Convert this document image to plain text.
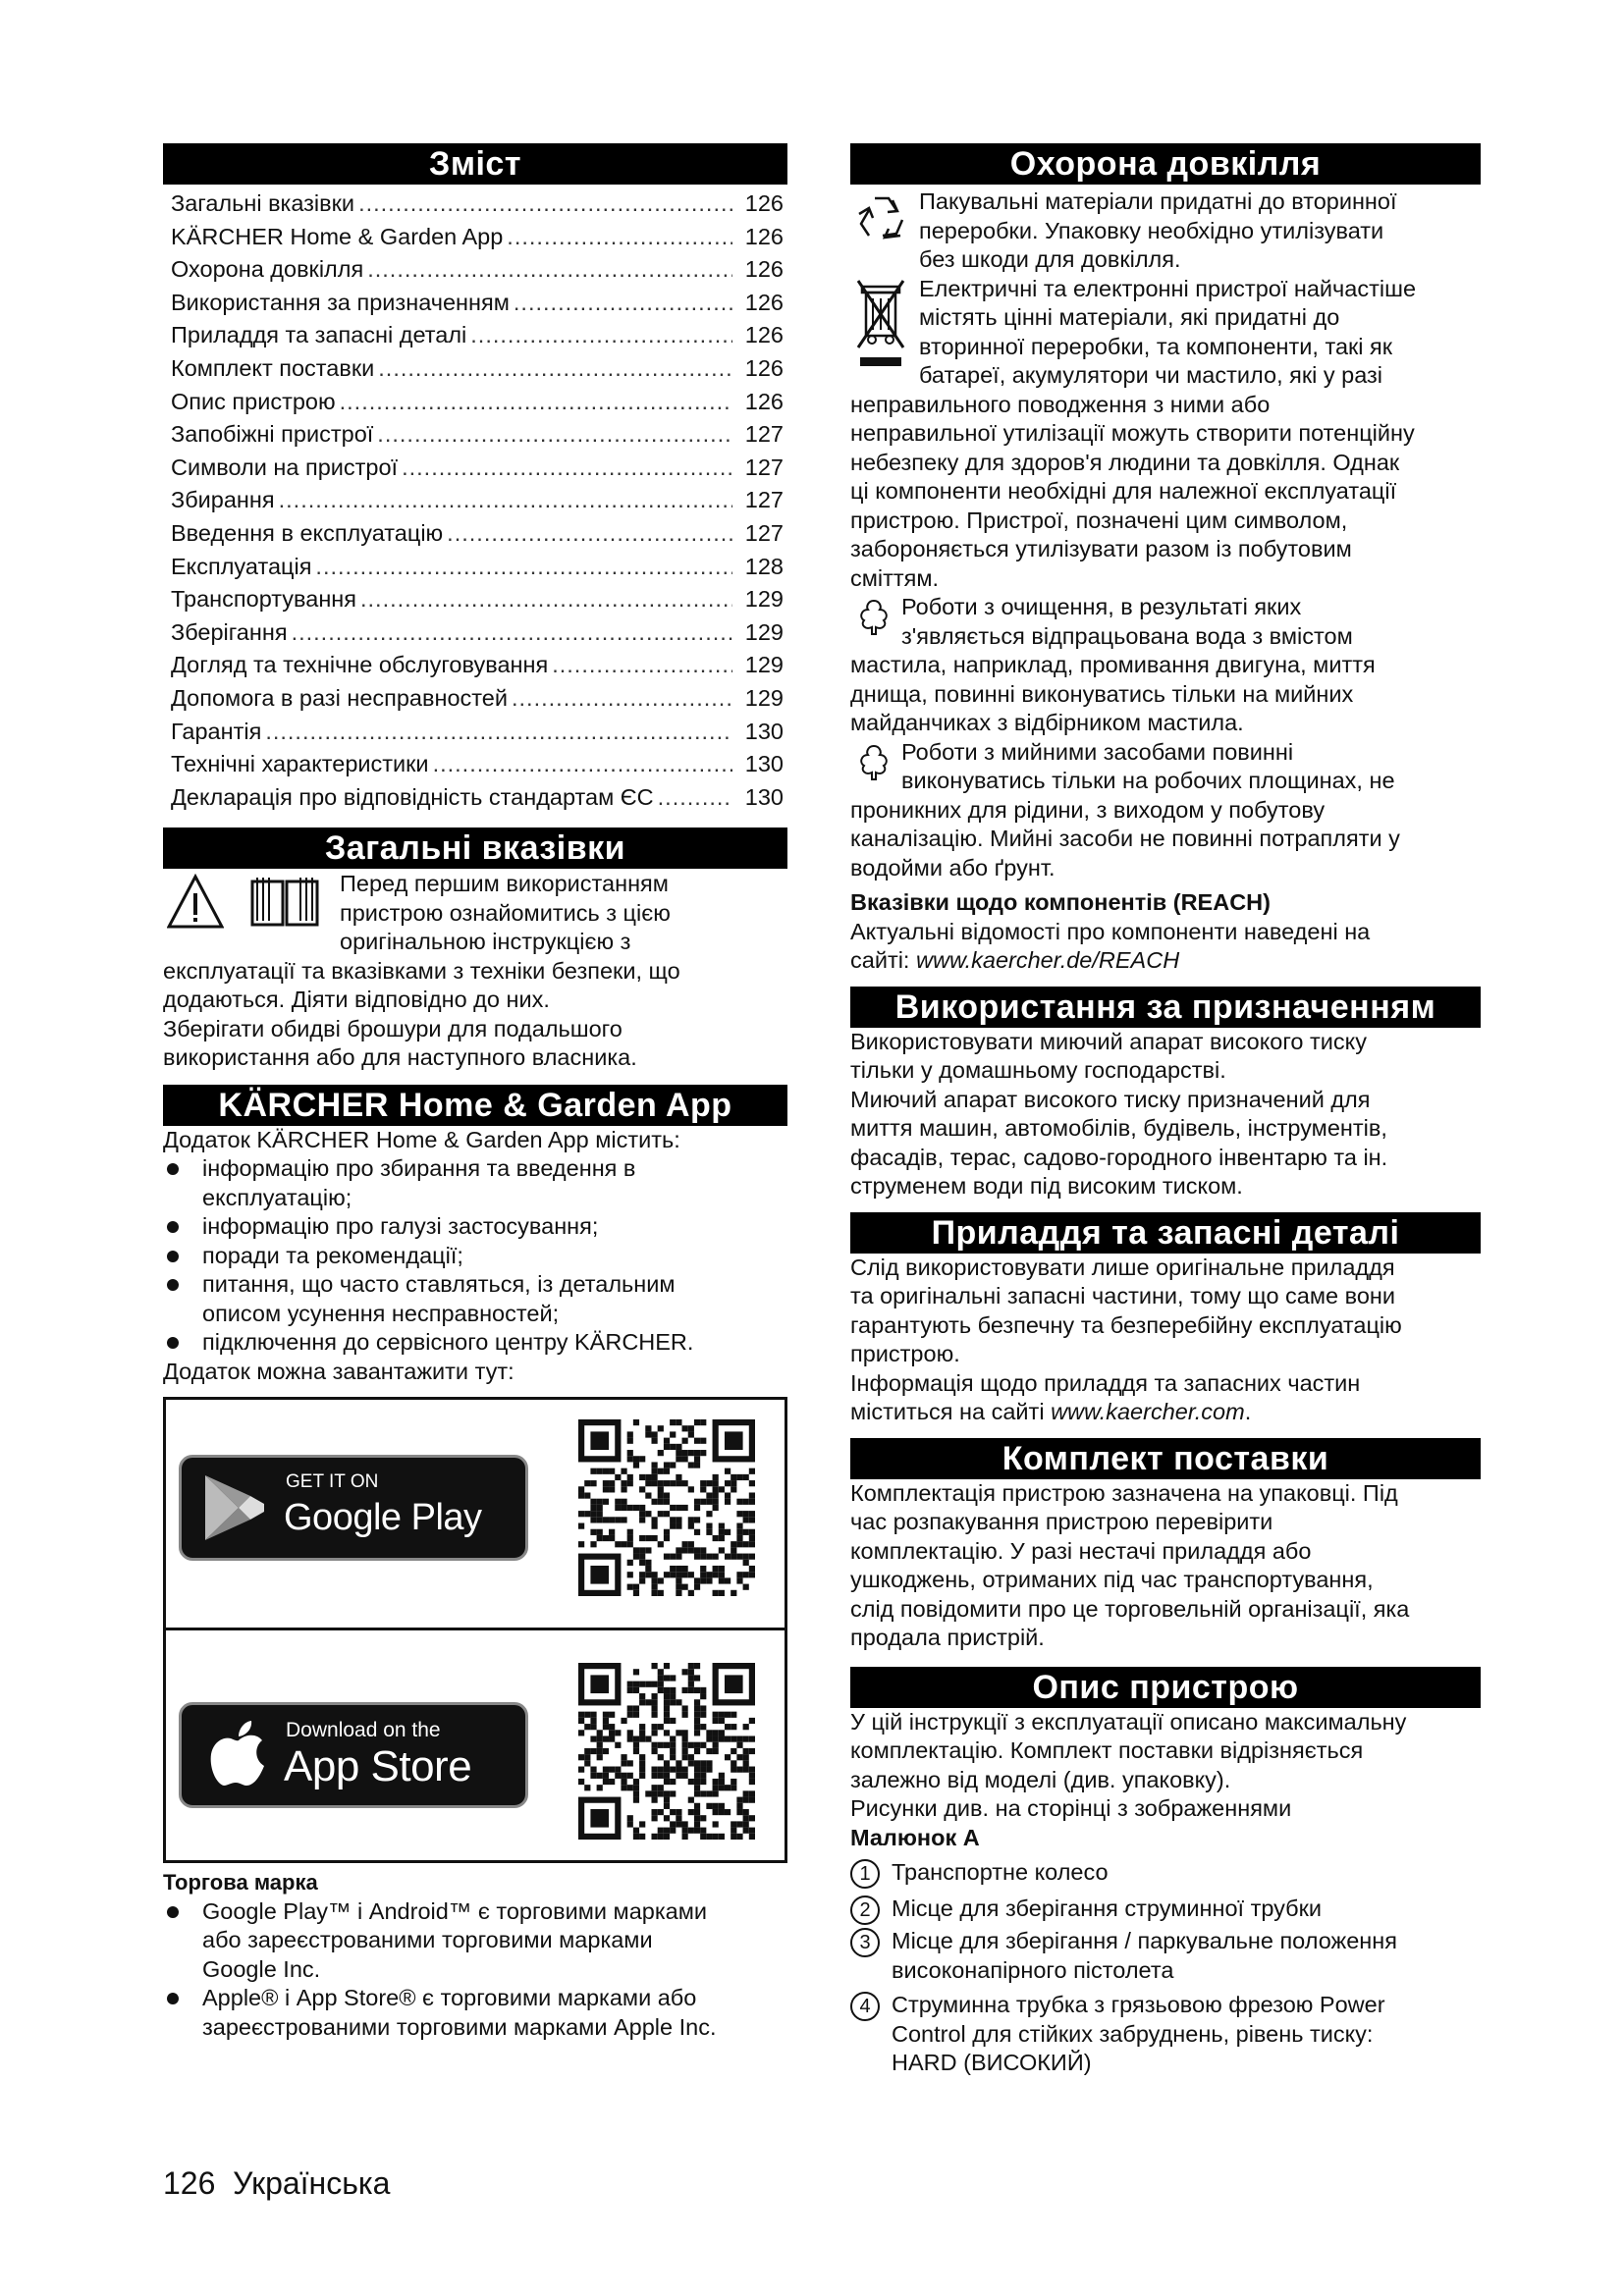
Зміст
Загальні вказівки .....	126
KÄRCHER Home & Garden App .....	126
Охорона довкілля .....	126
Використання за призначенням .....	126
Приладдя та запасні деталі .....	126
Комплект поставки .....	126
Опис пристрою .....	126
Запобіжні пристрої .....	127
Символи на пристрої .....	127
Збирання .....	127
Введення в експлуатацію .....	127
Експлуатація .....	128
Транспортування .....	129
Зберігання .....	129
Догляд та технічне обслуговування .....	129
Допомога в разі несправностей .....	129
Гарантія .....	130
Технічні характеристики .....	130
Декларація про відповідність стандартам ЄС .....	130
Загальні вказівки

Перед першим використанням

пристрою ознайомитись з цією

оригінальною інструкцією з

експлуатації та вказівками з техніки безпеки, що

додаються. Діяти відповідно до них.

Зберігати обидві брошури для подальшого

використання або для наступного власника.

KÄRCHER Home & Garden App

Додаток KÄRCHER Home & Garden App містить:

інформацію про збирання та введення в

експлуатацію;

інформацію про галузі застосування;

поради та рекомендації;

питання, що часто ставляться, із детальним

описом усунення несправностей;

підключення до сервісного центру KÄRCHER.

Додаток можна завантажити тут:

GET IT ON
Google Play
Download on the
App Store

Торгова марка

Google Play™ і Android™ є торговими марками

або зареєстрованими торговими марками

Google Inc.

Apple® і App Store® є торговими марками або

зареєстрованими торговими марками Apple Inc.

126 Українська
Охорона довкілля

Пакувальні матеріали придатні до вторинної

переробки. Упаковку необхідно утилізувати

без шкоди для довкілля.

Електричні та електронні пристрої найчастіше

містять цінні матеріали, які придатні до

вторинної переробки, та компоненти, такі як

батареї, акумулятори чи мастило, які у разі

неправильного поводження з ними або

неправильної утилізації можуть створити потенційну

небезпеку для здоров'я людини та довкілля. Однак

ці компоненти необхідні для належної експлуатації

пристрою. Пристрої, позначені цим символом,

забороняється утилізувати разом із побутовим

сміттям.

Роботи з очищення, в результаті яких

з'являється відпрацьована вода з вмістом

мастила, наприклад, промивання двигуна, миття

днища, повинні виконуватись тільки на мийних

майданчиках з відбірником мастила.

Роботи з мийними засобами повинні

виконуватись тільки на робочих площинах, не

проникних для рідини, з виходом у побутову

каналізацію. Мийні засоби не повинні потрапляти у

водойми або ґрунт.

Вказівки щодо компонентів (REACH)

Актуальні відомості про компоненти наведені на

сайті: www.kaercher.de/REACH

Використання за призначенням

Використовувати миючий апарат високого тиску

тільки у домашньому господарстві.

Миючий апарат високого тиску призначений для

миття машин, автомобілів, будівель, інструментів,

фасадів, терас, садово-городного інвентарю та ін.

струменем води під високим тиском.

Приладдя та запасні деталі

Слід використовувати лише оригінальне приладдя

та оригінальні запасні частини, тому що саме вони

гарантують безпечну та безперебійну експлуатацію

пристрою.

Інформація щодо приладдя та запасних частин

міститься на сайті www.kaercher.com.

Комплект поставки

Комплектація пристрою зазначена на упаковці. Під

час розпакування пристрою перевірити

комплектацію. У разі нестачі приладдя або

ушкоджень, отриманих під час транспортування,

слід повідомити про це торговельній організації, яка

продала пристрій.

Опис пристрою

У цій інструкції з експлуатації описано максимальну

комплектацію. Комплект поставки відрізняється

залежно від моделі (див. упаковку).

Рисунки див. на сторінці з зображеннями

Малюнок А

1 Транспортне колесо

2 Місце для зберігання струминної трубки

3 Місце для зберігання / паркувальне положення

високонапірного пістолета

4 Струминна трубка з грязьовою фрезою Power

Control для стійких забруднень, рівень тиску:

HARD (ВИСОКИЙ)
